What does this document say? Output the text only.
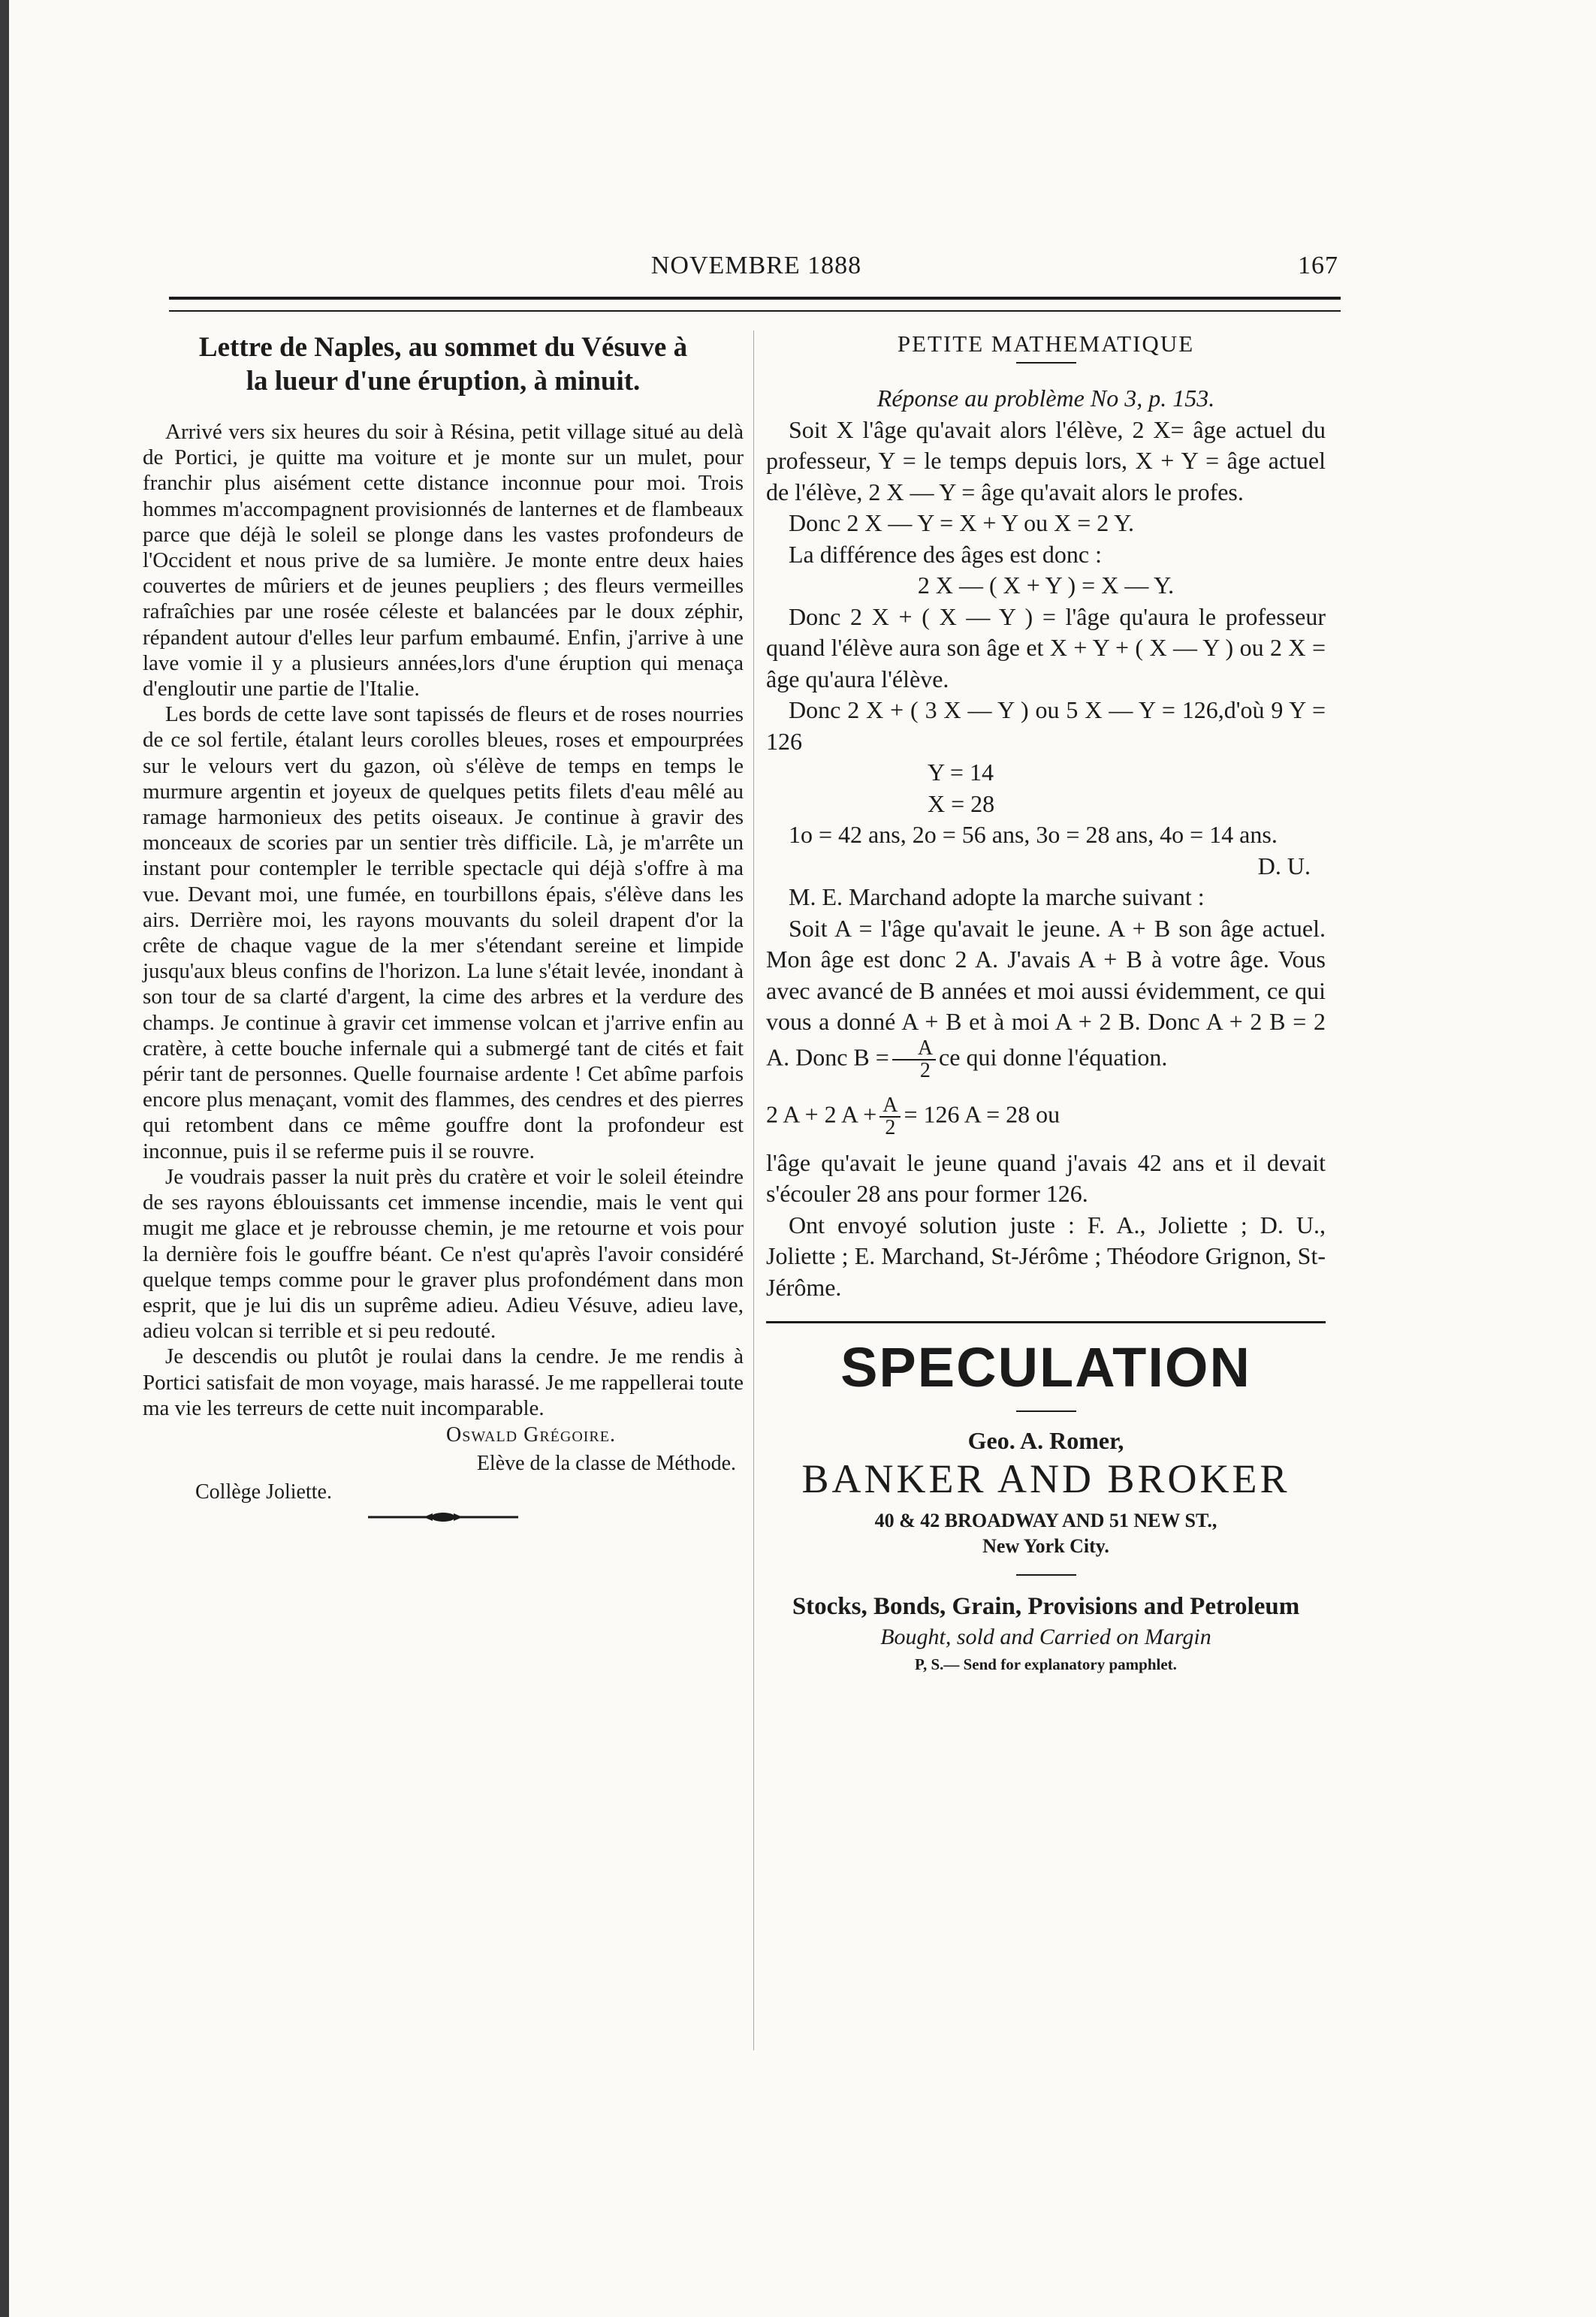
NOVEMBRE 1888	167
Lettre de Naples, au sommet du Vésuve à
la lueur d'une éruption, à minuit.

Arrivé vers six heures du soir à Résina, petit village situé au delà de Portici, je quitte ma voiture et je monte sur un mulet, pour franchir plus aisément cette distance inconnue pour moi. Trois hommes m'accompagnent provisionnés de lanternes et de flambeaux parce que déjà le soleil se plonge dans les vastes profondeurs de l'Occident et nous prive de sa lumière. Je monte entre deux haies couvertes de mûriers et de jeunes peupliers ; des fleurs vermeilles rafraîchies par une rosée céleste et balancées par le doux zéphir, répandent autour d'elles leur parfum embaumé. Enfin, j'arrive à une lave vomie il y a plusieurs années,lors d'une éruption qui menaça d'engloutir une partie de l'Italie.

Les bords de cette lave sont tapissés de fleurs et de roses nourries de ce sol fertile, étalant leurs corolles bleues, roses et empourprées sur le velours vert du gazon, où s'élève de temps en temps le murmure argentin et joyeux de quelques petits filets d'eau mêlé au ramage harmonieux des petits oiseaux. Je continue à gravir des monceaux de scories par un sentier très difficile. Là, je m'arrête un instant pour contempler le terrible spectacle qui déjà s'offre à ma vue. Devant moi, une fumée, en tourbillons épais, s'élève dans les airs. Derrière moi, les rayons mouvants du soleil drapent d'or la crête de chaque vague de la mer s'étendant sereine et limpide jusqu'aux bleus confins de l'horizon. La lune s'était levée, inondant à son tour de sa clarté d'argent, la cime des arbres et la verdure des champs. Je continue à gravir cet immense volcan et j'arrive enfin au cratère, à cette bouche infernale qui a submergé tant de cités et fait périr tant de personnes. Quelle fournaise ardente ! Cet abîme parfois encore plus menaçant, vomit des flammes, des cendres et des pierres qui retombent dans ce même gouffre dont la profondeur est inconnue, puis il se referme puis il se rouvre.

Je voudrais passer la nuit près du cratère et voir le soleil éteindre de ses rayons éblouissants cet immense incendie, mais le vent qui mugit me glace et je rebrousse chemin, je me retourne et vois pour la dernière fois le gouffre béant. Ce n'est qu'après l'avoir considéré quelque temps comme pour le graver plus profondément dans mon esprit, que je lui dis un suprême adieu. Adieu Vésuve, adieu lave, adieu volcan si terrible et si peu redouté.

Je descendis ou plutôt je roulai dans la cendre. Je me rendis à Portici satisfait de mon voyage, mais harassé. Je me rappellerai toute ma vie les terreurs de cette nuit incomparable.

Oswald Grégoire.
Elève de la classe de Méthode.
Collège Joliette.
PETITE MATHEMATIQUE

Réponse au problème No 3, p. 153.

Soit X l'âge qu'avait alors l'élève, 2 X= âge actuel du professeur, Y = le temps depuis lors, X + Y = âge actuel de l'élève, 2 X — Y = âge qu'avait alors le profes.

Donc 2 X — Y = X + Y ou X = 2 Y.

La différence des âges est donc :

2 X — ( X + Y ) = X — Y.

Donc 2 X + ( X — Y ) = l'âge qu'aura le professeur quand l'élève aura son âge et X + Y + ( X — Y ) ou 2 X = âge qu'aura l'élève.

Donc 2 X + ( 3 X — Y ) ou 5 X — Y = 126,d'où 9 Y = 126

Y = 14

X = 28

1o = 42 ans, 2o = 56 ans, 3o = 28 ans, 4o = 14 ans.

D. U.

M. E. Marchand adopte la marche suivant :

Soit A = l'âge qu'avait le jeune. A + B son âge actuel. Mon âge est donc 2 A. J'avais A + B à votre âge. Vous avec avancé de B années et moi aussi évidemment, ce qui vous a donné A + B et à moi A + 2 B. Donc A + 2 B = 2 A. Donc $B = \frac{A}{2}$ ce qui donne l'équation.

2 A + 2 $A + \frac{A}{2} = 126$ A = 28 ou

l'âge qu'avait le jeune quand j'avais 42 ans et il devait s'écouler 28 ans pour former 126.

Ont envoyé solution juste : F. A., Joliette ; D. U., Joliette ; E. Marchand, St-Jérôme ; Théodore Grignon, St-Jérôme.

SPECULATION
Geo. A. Romer,
BANKER AND BROKER
40 & 42 BROADWAY AND 51 NEW ST.,
New York City.
Stocks, Bonds, Grain, Provisions and Petroleum
Bought, sold and Carried on Margin
P, S.— Send for explanatory pamphlet.
